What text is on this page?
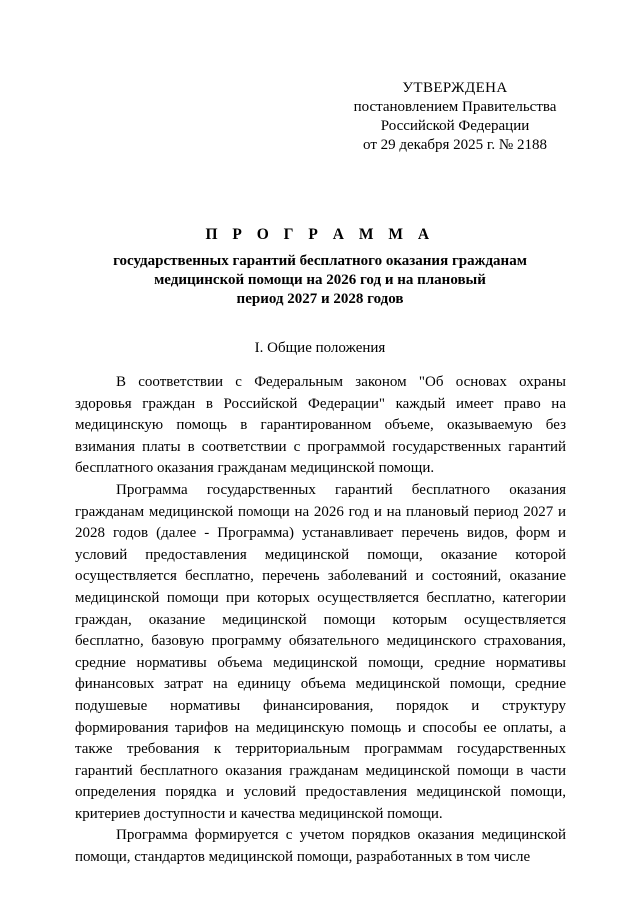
УТВЕРЖДЕНА
постановлением Правительства
Российской Федерации
от 29 декабря 2025 г. № 2188
П Р О Г Р А М М А
государственных гарантий бесплатного оказания гражданам
медицинской помощи на 2026 год и на плановый
период 2027 и 2028 годов
I. Общие положения

В соответствии с Федеральным законом "Об основах охраны здоровья граждан в Российской Федерации" каждый имеет право на медицинскую помощь в гарантированном объеме, оказываемую без взимания платы в соответствии с программой государственных гарантий бесплатного оказания гражданам медицинской помощи.

Программа государственных гарантий бесплатного оказания гражданам медицинской помощи на 2026 год и на плановый период 2027 и 2028 годов (далее - Программа) устанавливает перечень видов, форм и условий предоставления медицинской помощи, оказание которой осуществляется бесплатно, перечень заболеваний и состояний, оказание медицинской помощи при которых осуществляется бесплатно, категории граждан, оказание медицинской помощи которым осуществляется бесплатно, базовую программу обязательного медицинского страхования, средние нормативы объема медицинской помощи, средние нормативы финансовых затрат на единицу объема медицинской помощи, средние подушевые нормативы финансирования, порядок и структуру формирования тарифов на медицинскую помощь и способы ее оплаты, а также требования к территориальным программам государственных гарантий бесплатного оказания гражданам медицинской помощи в части определения порядка и условий предоставления медицинской помощи, критериев доступности и качества медицинской помощи.

Программа формируется с учетом порядков оказания медицинской помощи, стандартов медицинской помощи, разработанных в том числе
